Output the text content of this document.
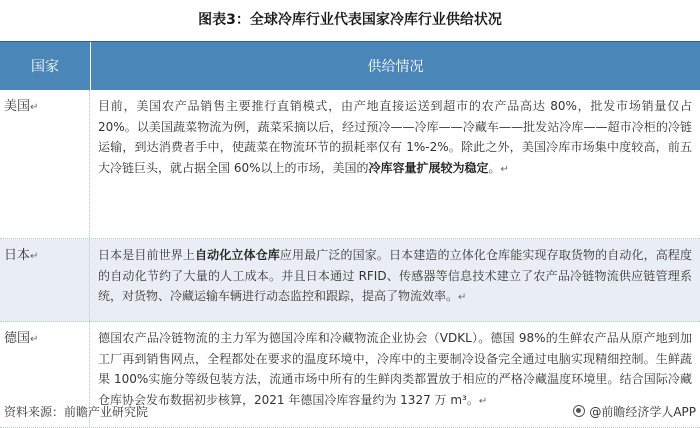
图表3：全球冷库行业代表国家冷库行业供给状况
国家	供给情况
美国↵	目前，美国农产品销售主要推行直销模式，由产地直接运送到超市的农产品高达 80%，批发市场销量仅占 20%。以美国蔬菜物流为例，蔬菜采摘以后，经过预冷——冷库——冷藏车——批发站冷库——超市冷柜的冷链运输，到达消费者手中，使蔬菜在物流环节的损耗率仅有 1%-2%。除此之外，美国冷库市场集中度较高，前五大冷链巨头，就占据全国 60%以上的市场，美国的冷库容量扩展较为稳定。↵
日本↵	日本是目前世界上自动化立体仓库应用最广泛的国家。日本建造的立体化仓库能实现存取货物的自动化，高程度的自动化节约了大量的人工成本。并且日本通过 RFID、传感器等信息技术建立了农产品冷链物流供应链管理系统，对货物、冷藏运输车辆进行动态监控和跟踪，提高了物流效率。↵
德国↵	德国农产品冷链物流的主力军为德国冷库和冷藏物流企业协会（VDKL）。德国 98%的生鲜农产品从原产地到加工厂再到销售网点，全程都处在要求的温度环境中，冷库中的主要制冷设备完全通过电脑实现精细控制。生鲜蔬果 100%实施分等级包装方法，流通市场中所有的生鲜肉类都置放于相应的严格冷藏温度环境里。结合国际冷藏仓库协会发布数据初步核算，2021 年德国冷库容量约为 1327 万 m³。↵
资料来源：前瞻产业研究院	@前瞻经济学人APP
